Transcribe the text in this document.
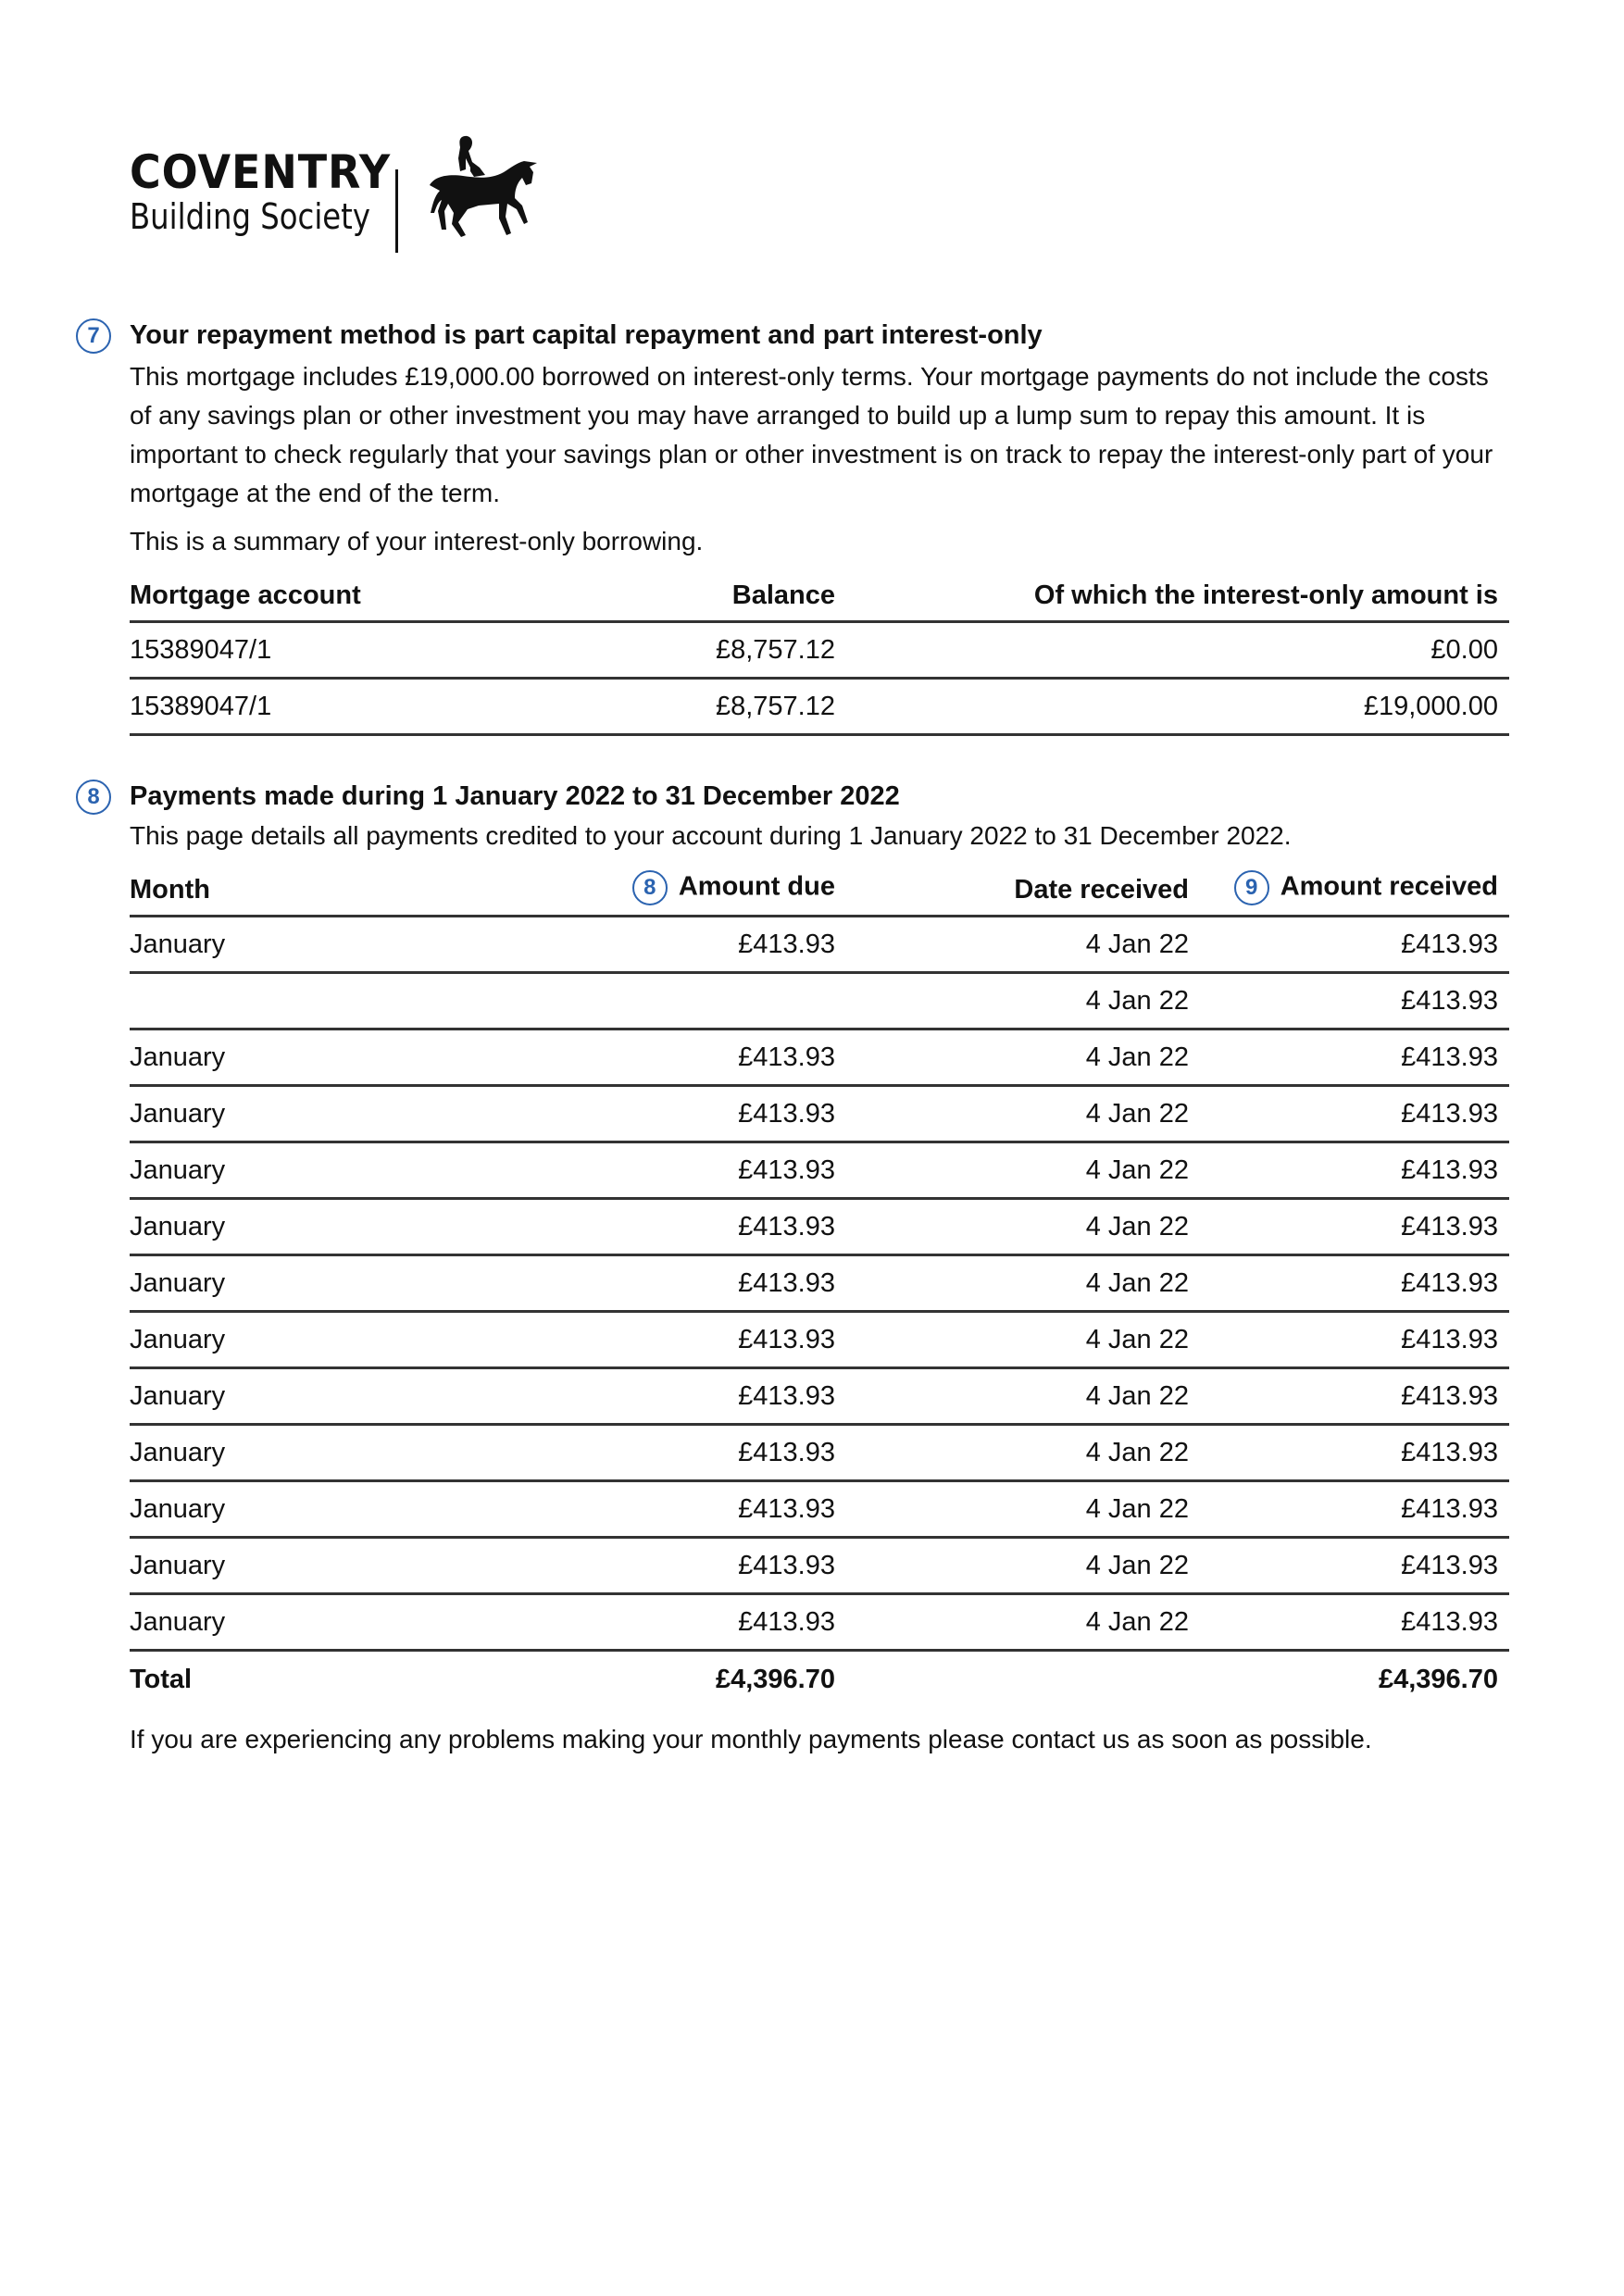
COVENTRY
Building Society
7	Your repayment method is part capital repayment and part interest-only

This mortgage includes £19,000.00 borrowed on interest-only terms. Your mortgage payments do not include the costs of any savings plan or other investment you may have arranged to build up a lump sum to repay this amount. It is important to check regularly that your savings plan or other investment is on track to repay the interest-only part of your mortgage at the end of the term.

This is a summary of your interest-only borrowing.

Mortgage account	Balance	Of which the interest-only amount is
15389047/1	£8,757.12	£0.00
15389047/1	£8,757.12	£19,000.00
8	Payments made during 1 January 2022 to 31 December 2022

This page details all payments credited to your account during 1 January 2022 to 31 December 2022.

Month	8 Amount due	Date received	9 Amount received
January	£413.93	4 Jan 22	£413.93
		4 Jan 22	£413.93
January	£413.93	4 Jan 22	£413.93
January	£413.93	4 Jan 22	£413.93
January	£413.93	4 Jan 22	£413.93
January	£413.93	4 Jan 22	£413.93
January	£413.93	4 Jan 22	£413.93
January	£413.93	4 Jan 22	£413.93
January	£413.93	4 Jan 22	£413.93
January	£413.93	4 Jan 22	£413.93
January	£413.93	4 Jan 22	£413.93
January	£413.93	4 Jan 22	£413.93
January	£413.93	4 Jan 22	£413.93
Total	£4,396.70		£4,396.70

If you are experiencing any problems making your monthly payments please contact us as soon as possible.
